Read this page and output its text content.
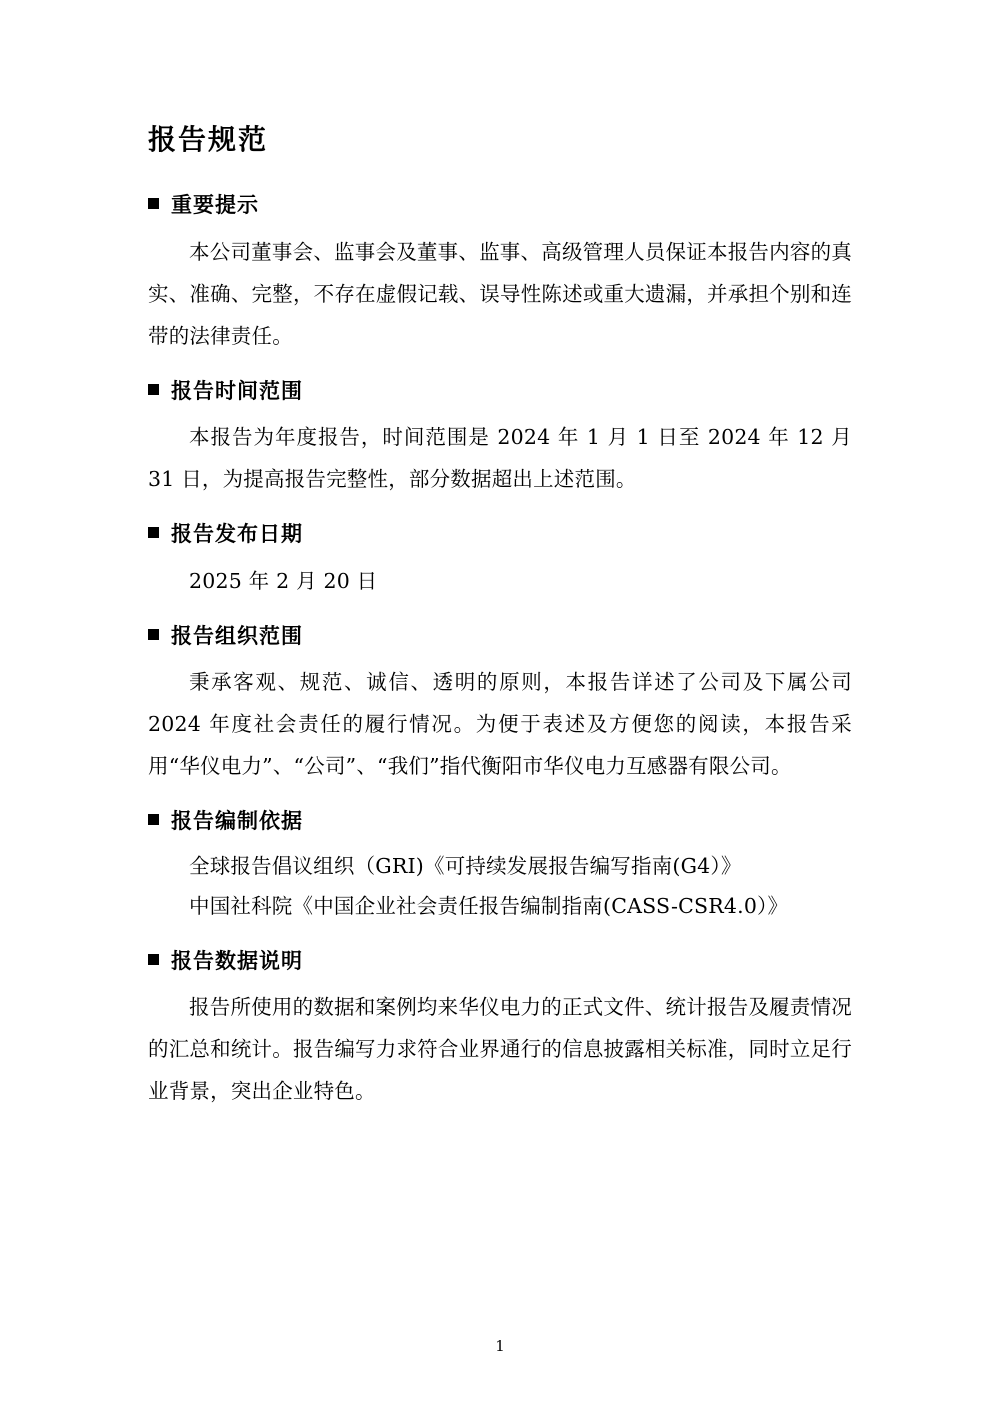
报告规范
重要提示

本公司董事会、监事会及董事、监事、高级管理人员保证本报告内容的真实、准确、完整，不存在虚假记载、误导性陈述或重大遗漏，并承担个别和连带的法律责任。

报告时间范围

本报告为年度报告，时间范围是 2024 年 1 月 1 日至 2024 年 12 月 31 日，为提高报告完整性，部分数据超出上述范围。

报告发布日期

2025 年 2 月 20 日

报告组织范围

秉承客观、规范、诚信、透明的原则，本报告详述了公司及下属公司 2024 年度社会责任的履行情况。为便于表述及方便您的阅读，本报告采用“华仪电力”、“公司”、“我们”指代衡阳市华仪电力互感器有限公司。

报告编制依据

全球报告倡议组织（GRI)《可持续发展报告编写指南(G4）》

中国社科院《中国企业社会责任报告编制指南(CASS-CSR4.0）》

报告数据说明

报告所使用的数据和案例均来华仪电力的正式文件、统计报告及履责情况的汇总和统计。报告编写力求符合业界通行的信息披露相关标准，同时立足行业背景，突出企业特色。

1
